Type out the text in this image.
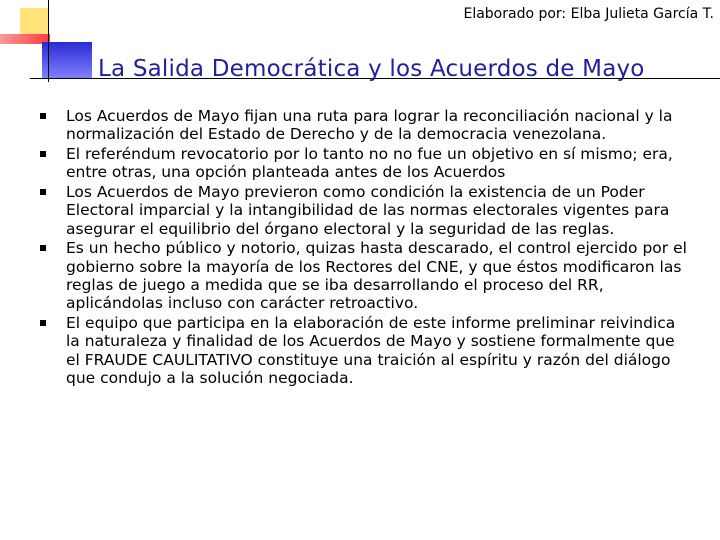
Elaborado por: Elba Julieta García T.
La Salida Democrática y los Acuerdos de Mayo
Los Acuerdos de Mayo fijan una ruta para lograr la reconciliación nacional y la normalización del Estado de Derecho y de la democracia venezolana.
El referéndum revocatorio por lo tanto no no fue un objetivo en sí mismo; era, entre otras, una opción planteada antes de los Acuerdos
Los Acuerdos de Mayo previeron como condición la existencia de un Poder Electoral imparcial y la intangibilidad de las normas electorales vigentes para asegurar el equilibrio del órgano electoral y la seguridad de las reglas.
Es un hecho público y notorio, quizas hasta descarado, el control ejercido por el gobierno sobre la mayoría de los Rectores del CNE, y que éstos modificaron las reglas de juego a medida que se iba desarrollando el proceso del RR, aplicándolas incluso con carácter retroactivo.
El equipo que participa en la elaboración de este informe preliminar reivindica la naturaleza y finalidad de los Acuerdos de Mayo y sostiene formalmente que el FRAUDE CAULITATIVO constituye una traición al espíritu y razón del diálogo que condujo a la solución negociada.
